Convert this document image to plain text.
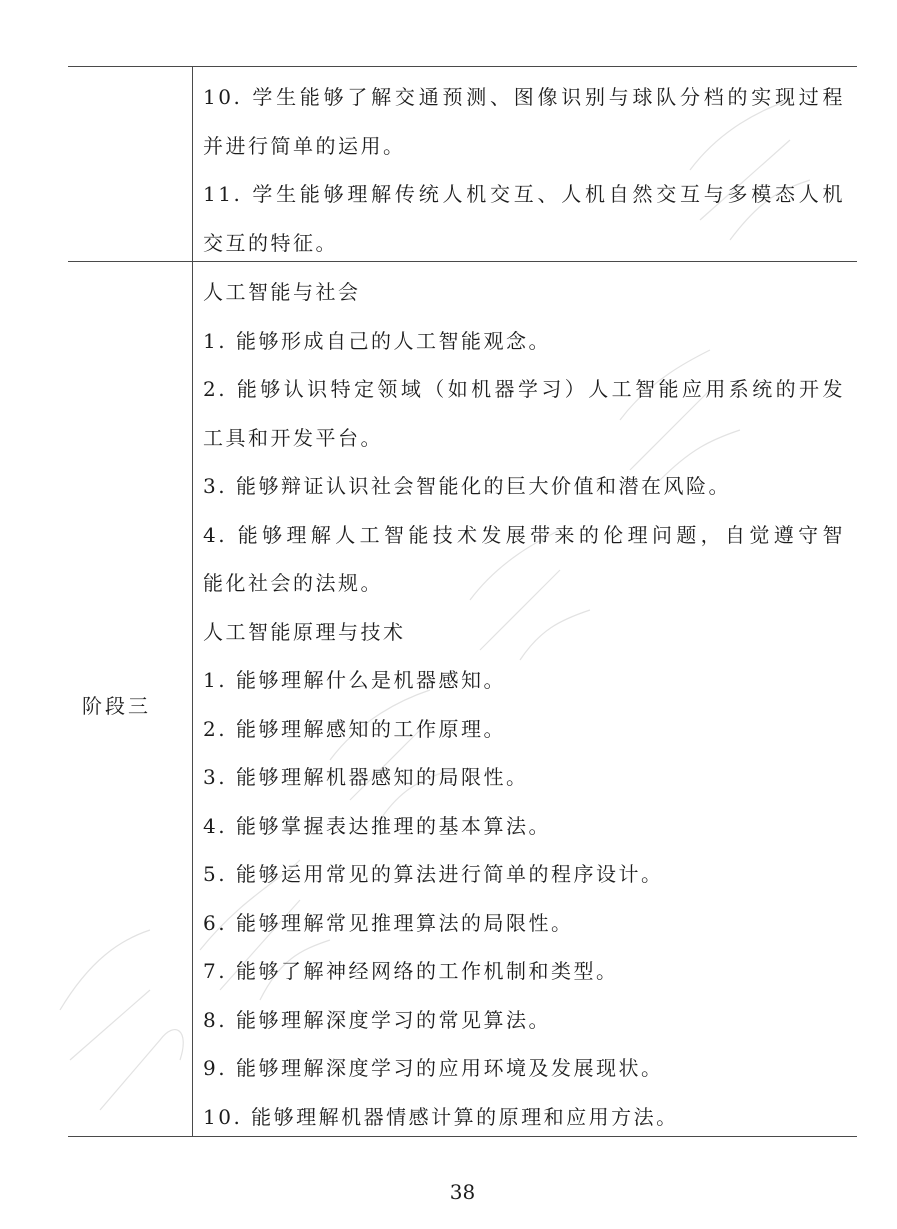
10. 学生能够了解交通预测、图像识别与球队分档的实现过程
并进行简单的运用。
11. 学生能够理解传统人机交互、人机自然交互与多模态人机
交互的特征。
阶段三
人工智能与社会
1. 能够形成自己的人工智能观念。
2. 能够认识特定领域（如机器学习）人工智能应用系统的开发
工具和开发平台。
3. 能够辩证认识社会智能化的巨大价值和潜在风险。
4. 能够理解人工智能技术发展带来的伦理问题，自觉遵守智
能化社会的法规。
人工智能原理与技术
1. 能够理解什么是机器感知。
2. 能够理解感知的工作原理。
3. 能够理解机器感知的局限性。
4. 能够掌握表达推理的基本算法。
5. 能够运用常见的算法进行简单的程序设计。
6. 能够理解常见推理算法的局限性。
7. 能够了解神经网络的工作机制和类型。
8. 能够理解深度学习的常见算法。
9. 能够理解深度学习的应用环境及发展现状。
10. 能够理解机器情感计算的原理和应用方法。
38
